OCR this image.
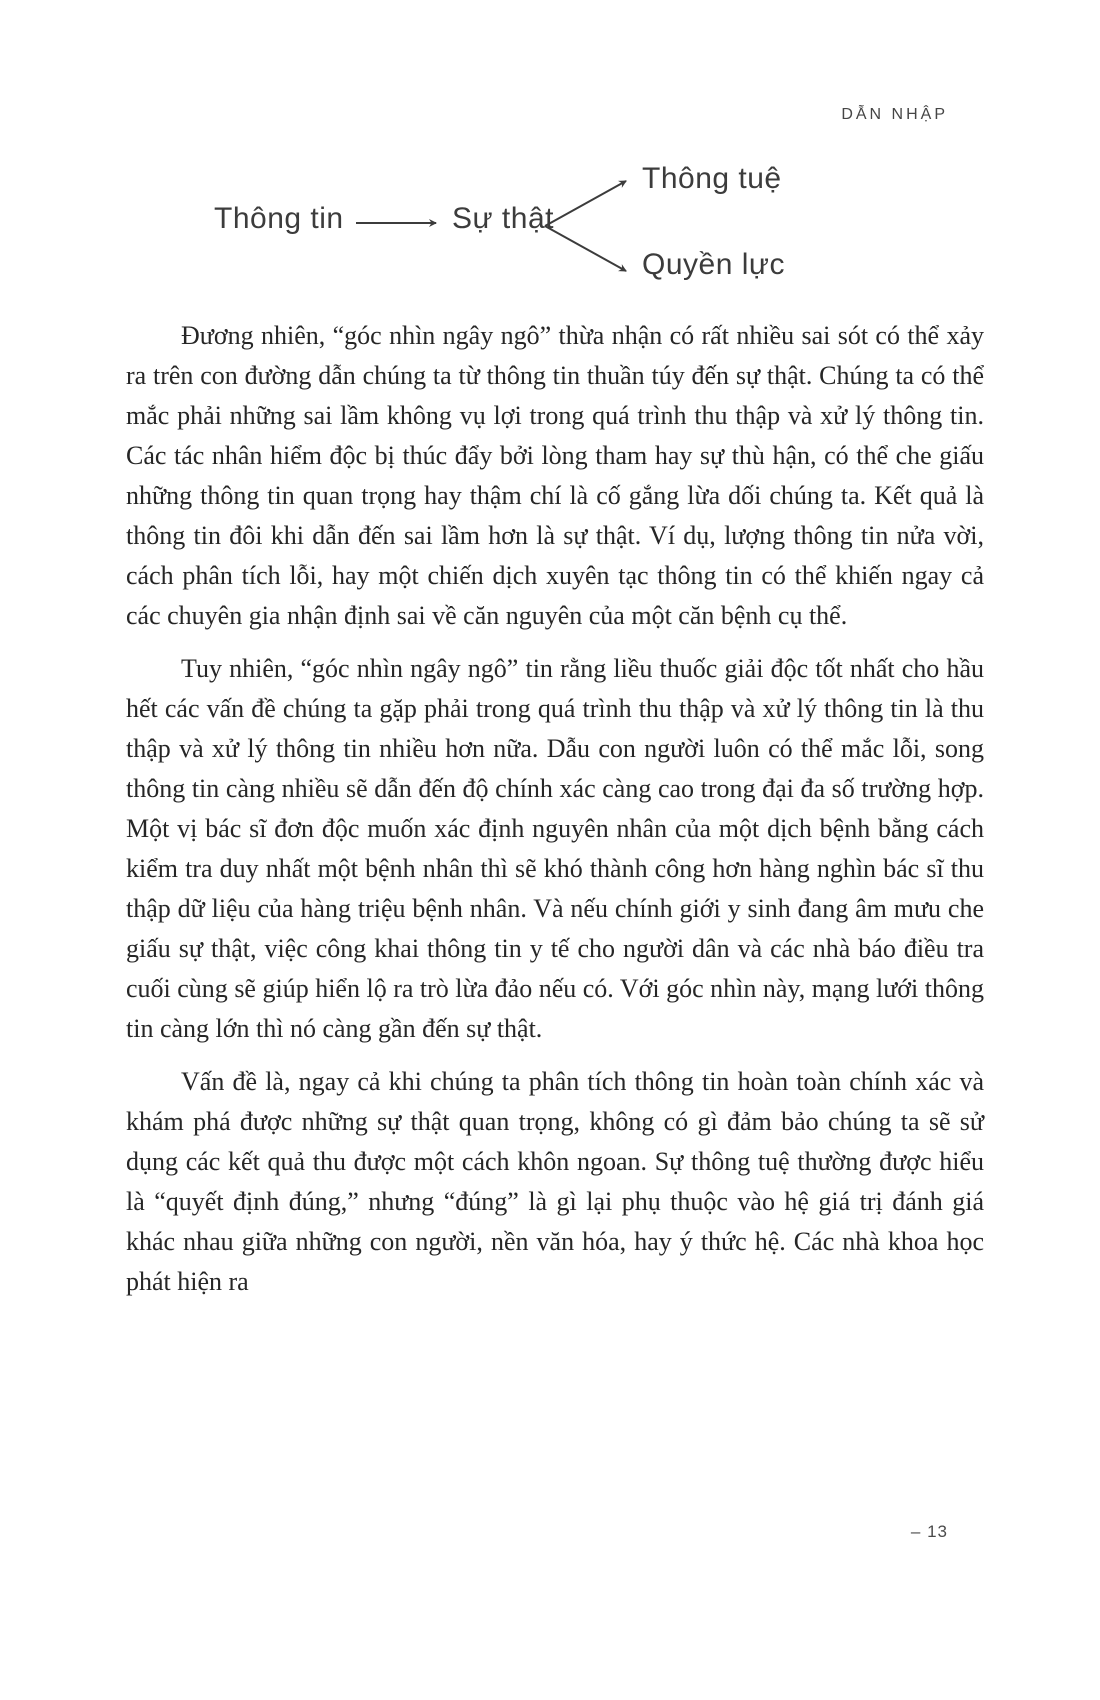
DẪN NHẬP
Thông tin	Sự thật
Thông tuệ
Quyền lực

Đương nhiên, “góc nhìn ngây ngô” thừa nhận có rất nhiều sai sót có thể xảy ra trên con đường dẫn chúng ta từ thông tin thuần túy đến sự thật. Chúng ta có thể mắc phải những sai lầm không vụ lợi trong quá trình thu thập và xử lý thông tin. Các tác nhân hiểm độc bị thúc đẩy bởi lòng tham hay sự thù hận, có thể che giấu những thông tin quan trọng hay thậm chí là cố gắng lừa dối chúng ta. Kết quả là thông tin đôi khi dẫn đến sai lầm hơn là sự thật. Ví dụ, lượng thông tin nửa vời, cách phân tích lỗi, hay một chiến dịch xuyên tạc thông tin có thể khiến ngay cả các chuyên gia nhận định sai về căn nguyên của một căn bệnh cụ thể.

Tuy nhiên, “góc nhìn ngây ngô” tin rằng liều thuốc giải độc tốt nhất cho hầu hết các vấn đề chúng ta gặp phải trong quá trình thu thập và xử lý thông tin là thu thập và xử lý thông tin nhiều hơn nữa. Dẫu con người luôn có thể mắc lỗi, song thông tin càng nhiều sẽ dẫn đến độ chính xác càng cao trong đại đa số trường hợp. Một vị bác sĩ đơn độc muốn xác định nguyên nhân của một dịch bệnh bằng cách kiểm tra duy nhất một bệnh nhân thì sẽ khó thành công hơn hàng nghìn bác sĩ thu thập dữ liệu của hàng triệu bệnh nhân. Và nếu chính giới y sinh đang âm mưu che giấu sự thật, việc công khai thông tin y tế cho người dân và các nhà báo điều tra cuối cùng sẽ giúp hiển lộ ra trò lừa đảo nếu có. Với góc nhìn này, mạng lưới thông tin càng lớn thì nó càng gần đến sự thật.

Vấn đề là, ngay cả khi chúng ta phân tích thông tin hoàn toàn chính xác và khám phá được những sự thật quan trọng, không có gì đảm bảo chúng ta sẽ sử dụng các kết quả thu được một cách khôn ngoan. Sự thông tuệ thường được hiểu là “quyết định đúng,” nhưng “đúng” là gì lại phụ thuộc vào hệ giá trị đánh giá khác nhau giữa những con người, nền văn hóa, hay ý thức hệ. Các nhà khoa học phát hiện ra

– 13
